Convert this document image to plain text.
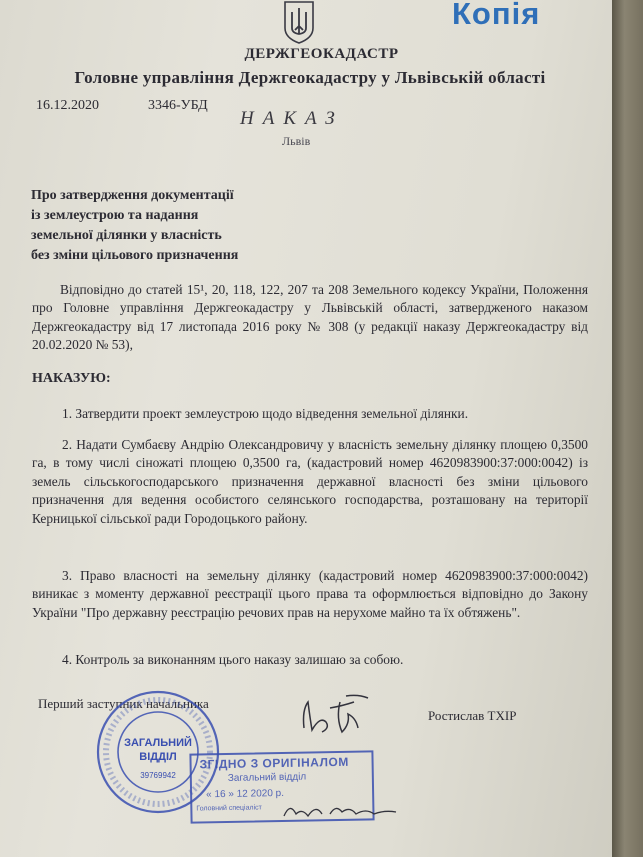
Копія
ДЕРЖГЕОКАДАСТР
Головне управління Держгеокадастру у Львівській області
16.12.2020	3346-УБД
НАКАЗ
Львів
Про затвердження документації
із землеустрою та надання
земельної ділянки у власність
без зміни цільового призначення
Відповідно до статей 15¹, 20, 118, 122, 207 та 208 Земельного кодексу України, Положення про Головне управління Держгеокадастру у Львівській області, затвердженого наказом Держгеокадастру від 17 листопада 2016 року № 308 (у редакції наказу Держгеокадастру від 20.02.2020 № 53),
НАКАЗУЮ:
1. Затвердити проект землеустрою щодо відведення земельної ділянки.
2. Надати Сумбаєву Андрію Олександровичу у власність земельну ділянку площею 0,3500 га, в тому числі сіножаті площею 0,3500 га, (кадастровий номер 4620983900:37:000:0042) із земель сільськогосподарського призначення державної власності без зміни цільового призначення для ведення особистого селянського господарства, розташовану на території Керницької сільської ради Городоцького району.
3. Право власності на земельну ділянку (кадастровий номер 4620983900:37:000:0042) виникає з моменту державної реєстрації цього права та оформлюється відповідно до Закону України "Про державну реєстрацію речових прав на нерухоме майно та їх обтяжень".
4. Контроль за виконанням цього наказу залишаю за собою.
Перший заступник начальника
Ростислав ТХІР
ЗАГАЛЬНИЙ
ВІДДІЛ
39769942
ЗГІДНО З ОРИГІНАЛОМ
Загальний відділ
« 16 » 12 2020 р.
Головний спеціаліст
